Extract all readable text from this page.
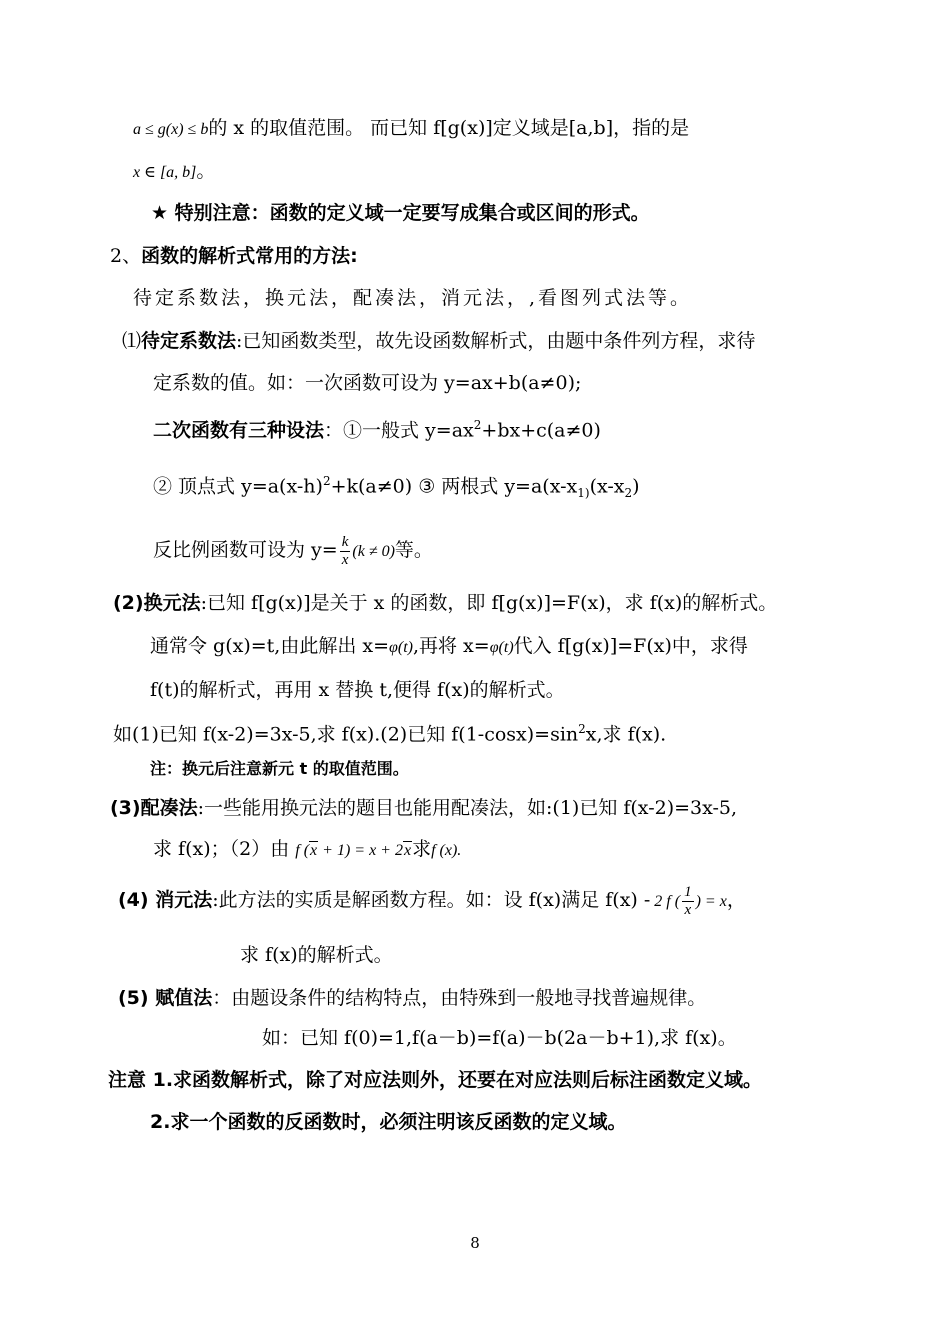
a ≤ g(x) ≤ b的 x 的取值范围。 而已知 f[g(x)]定义域是[a,b]，指的是
x ∈ [a, b]。
★ 特别注意：函数的定义域一定要写成集合或区间的形式。
2、函数的解析式常用的方法:
待定系数法，换元法，配凑法，消元法，,看图列式法等。
⑴待定系数法:已知函数类型，故先设函数解析式，由题中条件列方程，求待
定系数的值。如：一次函数可设为 y=ax+b(a≠0);
二次函数有三种设法：①一般式 $y=ax^2+bx+c(a\ne 0)$
② 顶点式 $y=a(x-h)^2+k(a\ne 0)$ ③ 两根式 $y=a(x-x_{1)}(x-x_2)$
反比例函数可设为 $y= \frac{k}{x} (k \ne 0)$等。
(2)换元法:已知 f[g(x)]是关于 x 的函数，即 f[g(x)]=F(x)，求 f(x)的解析式。
通常令 g(x)=t,由此解出 x=φ(t),再将 x=φ(t)代入 f[g(x)]=F(x)中，求得
f(t)的解析式，再用 x 替换 t,便得 f(x)的解析式。
如(1)已知 f(x-2)=3x-5,求 f(x).(2)已知 $f(1-\cos x)=\sin^2x$,求 f(x).
注：换元后注意新元 t 的取值范围。
(3)配凑法:一些能用换元法的题目也能用配凑法，如:(1)已知 f(x-2)=3x-5,
求 f(x)；（2）由 f (x + 1) = x + 2x求f (x).
(4) 消元法:此方法的实质是解函数方程。如：设 f(x)满足 f(x) - 2 f ( $\frac{1}{x}$ ) = x，
求 f(x)的解析式。
(5) 赋值法：由题设条件的结构特点，由特殊到一般地寻找普遍规律。
如：已知 f(0)=1,f(a－b)=f(a)－b(2a－b+1),求 f(x)。
注意 1.求函数解析式，除了对应法则外，还要在对应法则后标注函数定义域。
2.求一个函数的反函数时，必须注明该反函数的定义域。
8
